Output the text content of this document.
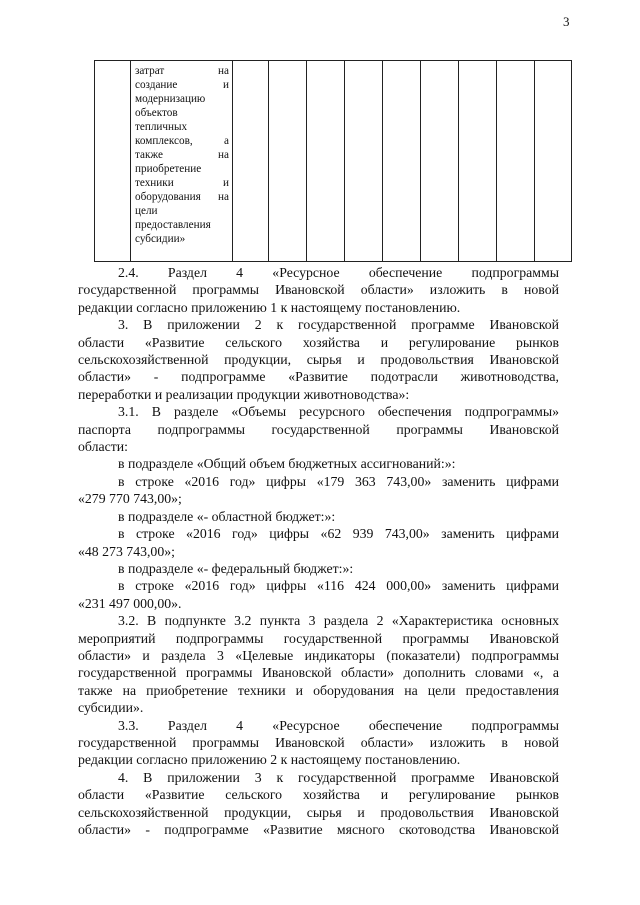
3

затрат на
создание и
модернизацию
объектов
тепличных
комплексов, а
также на
приобретение
техники и
оборудования на
цели
предоставления
субсидии»

2.4. Раздел 4 «Ресурсное обеспечение подпрограммы

государственной программы Ивановской области» изложить в новой

редакции согласно приложению 1 к настоящему постановлению.

3. В приложении 2 к государственной программе Ивановской

области «Развитие сельского хозяйства и регулирование рынков

сельскохозяйственной продукции, сырья и продовольствия Ивановской

области» - подпрограмме «Развитие подотрасли животноводства,

переработки и реализации продукции животноводства»:

3.1. В разделе «Объемы ресурсного обеспечения подпрограммы»

паспорта подпрограммы государственной программы Ивановской

области:

в подразделе «Общий объем бюджетных ассигнований:»:

в строке «2016 год» цифры «179 363 743,00» заменить цифрами

«279 770 743,00»;

в подразделе «- областной бюджет:»:

в строке «2016 год» цифры «62 939 743,00» заменить цифрами

«48 273 743,00»;

в подразделе «- федеральный бюджет:»:

в строке «2016 год» цифры «116 424 000,00» заменить цифрами

«231 497 000,00».

3.2. В подпункте 3.2 пункта 3 раздела 2 «Характеристика основных

мероприятий подпрограммы государственной программы Ивановской

области» и раздела 3 «Целевые индикаторы (показатели) подпрограммы

государственной программы Ивановской области» дополнить словами «, а

также на приобретение техники и оборудования на цели предоставления

субсидии».

3.3. Раздел 4 «Ресурсное обеспечение подпрограммы

государственной программы Ивановской области» изложить в новой

редакции согласно приложению 2 к настоящему постановлению.

4. В приложении 3 к государственной программе Ивановской

области «Развитие сельского хозяйства и регулирование рынков

сельскохозяйственной продукции, сырья и продовольствия Ивановской

области» - подпрограмме «Развитие мясного скотоводства Ивановской
